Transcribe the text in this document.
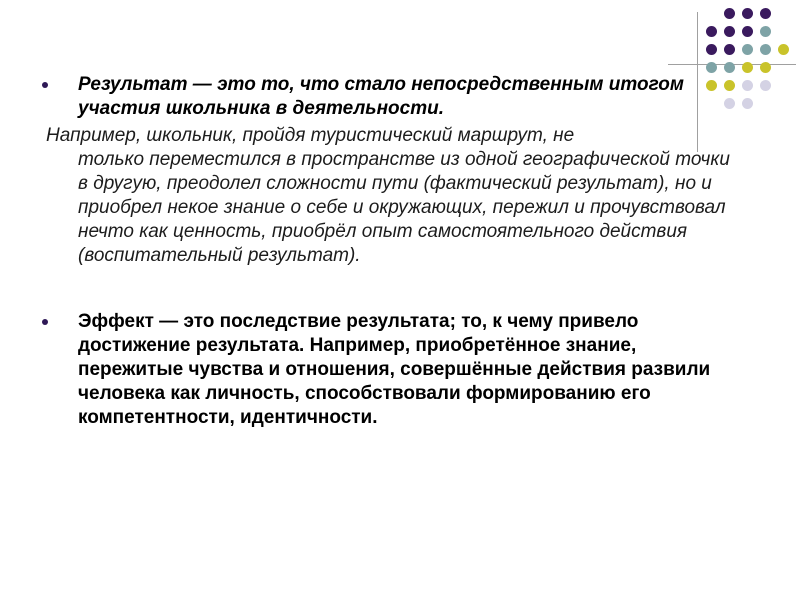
Результат — это то, что стало непосредственным итогом участия школьника в деятельности.
Например, школьник, пройдя туристический маршрут, не
только переместился в пространстве из одной географической точки в другую, преодолел сложности пути (фактический результат), но и приобрел некое знание о себе и окружающих, пережил и прочувствовал нечто как ценность, приобрёл опыт самостоятельного действия (воспитательный результат).
Эффект — это последствие результата; то, к чему привело достижение результата. Например, приобретённое знание, пережитые чувства и отношения, совершённые действия развили человека как личность, способствовали формированию его компетентности, идентичности.
